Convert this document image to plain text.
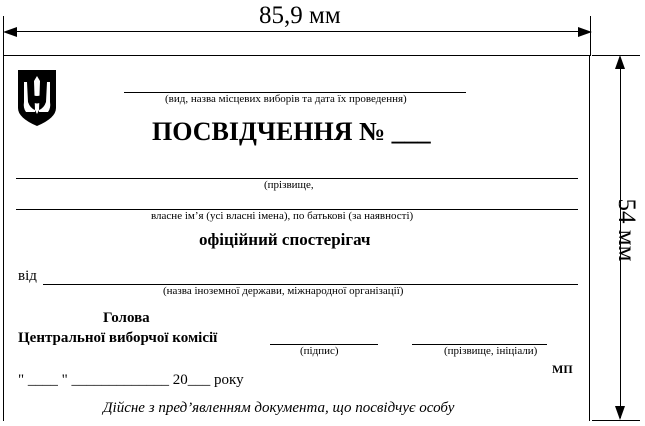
85,9 мм
54 мм
(вид, назва місцевих виборів та дата їх проведення)
ПОСВІДЧЕННЯ № ___
(прізвище,
власне ім’я (усі власні імена), по батькові (за наявності)
офіційний спостерігач
від
(назва іноземної держави, міжнародної організації)
Голова
Центральної виборчої комісії
(підпис)	(прізвище, ініціали)
МП
" ____ " _____________ 20___ року
Дійсне з пред’явленням документа, що посвідчує особу
